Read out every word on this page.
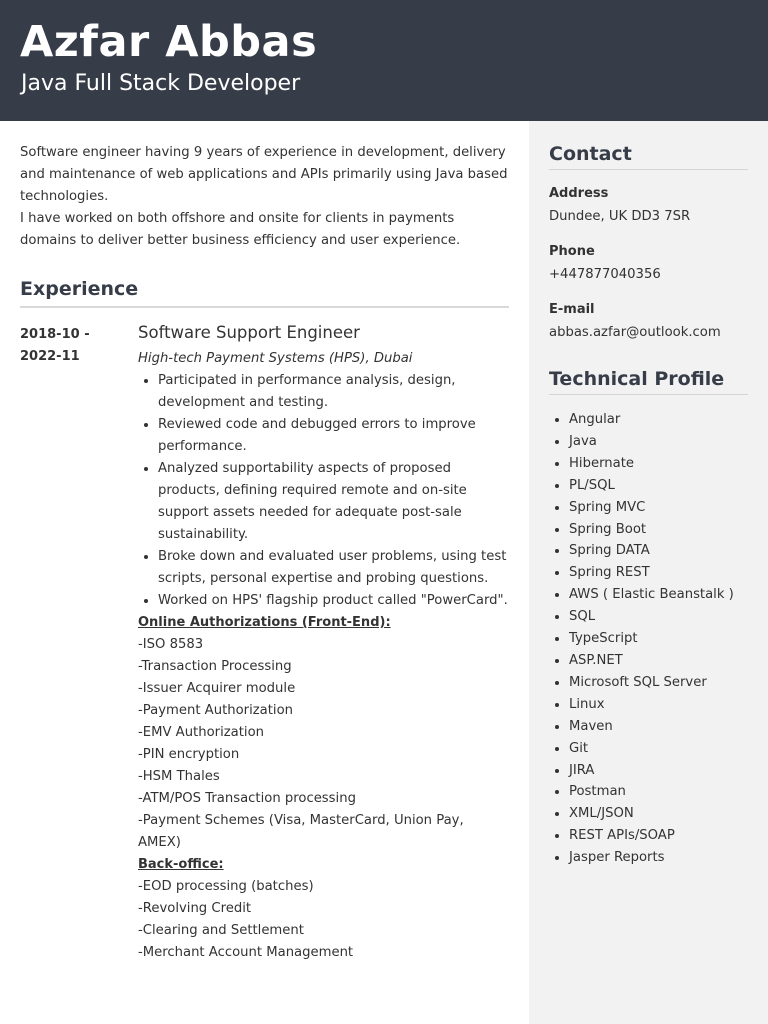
Azfar Abbas
Java Full Stack Developer
Contact
Address
Dundee, UK DD3 7SR
Phone
+447877040356
E-mail
abbas.azfar@outlook.com
Technical Profile
• Angular
• Java
• Hibernate
• PL/SQL
• Spring MVC
• Spring Boot
• Spring DATA
• Spring REST
• AWS ( Elastic Beanstalk )
• SQL
• TypeScript
• ASP.NET
• Microsoft SQL Server
• Linux
• Maven
• Git
• JIRA
• Postman
• XML/JSON
• REST APIs/SOAP
• Jasper Reports

Software engineer having 9 years of experience in development, delivery and maintenance of web applications and APIs primarily using Java based technologies.

I have worked on both offshore and onsite for clients in payments domains to deliver better business efficiency and user experience.

Experience
2018-10 -
2022-11
Software Support Engineer
High-tech Payment Systems (HPS), Dubai
• Participated in performance analysis, design, development and testing.
• Reviewed code and debugged errors to improve performance.
• Analyzed supportability aspects of proposed products, defining required remote and on-site support assets needed for adequate post-sale sustainability.
• Broke down and evaluated user problems, using test scripts, personal expertise and probing questions.
• Worked on HPS' flagship product called "PowerCard".
Online Authorizations (Front-End):
-ISO 8583
-Transaction Processing
-Issuer Acquirer module
-Payment Authorization
-EMV Authorization
-PIN encryption
-HSM Thales
-ATM/POS Transaction processing
-Payment Schemes (Visa, MasterCard, Union Pay, AMEX)
Back-office:
-EOD processing (batches)
-Revolving Credit
-Clearing and Settlement
-Merchant Account Management
